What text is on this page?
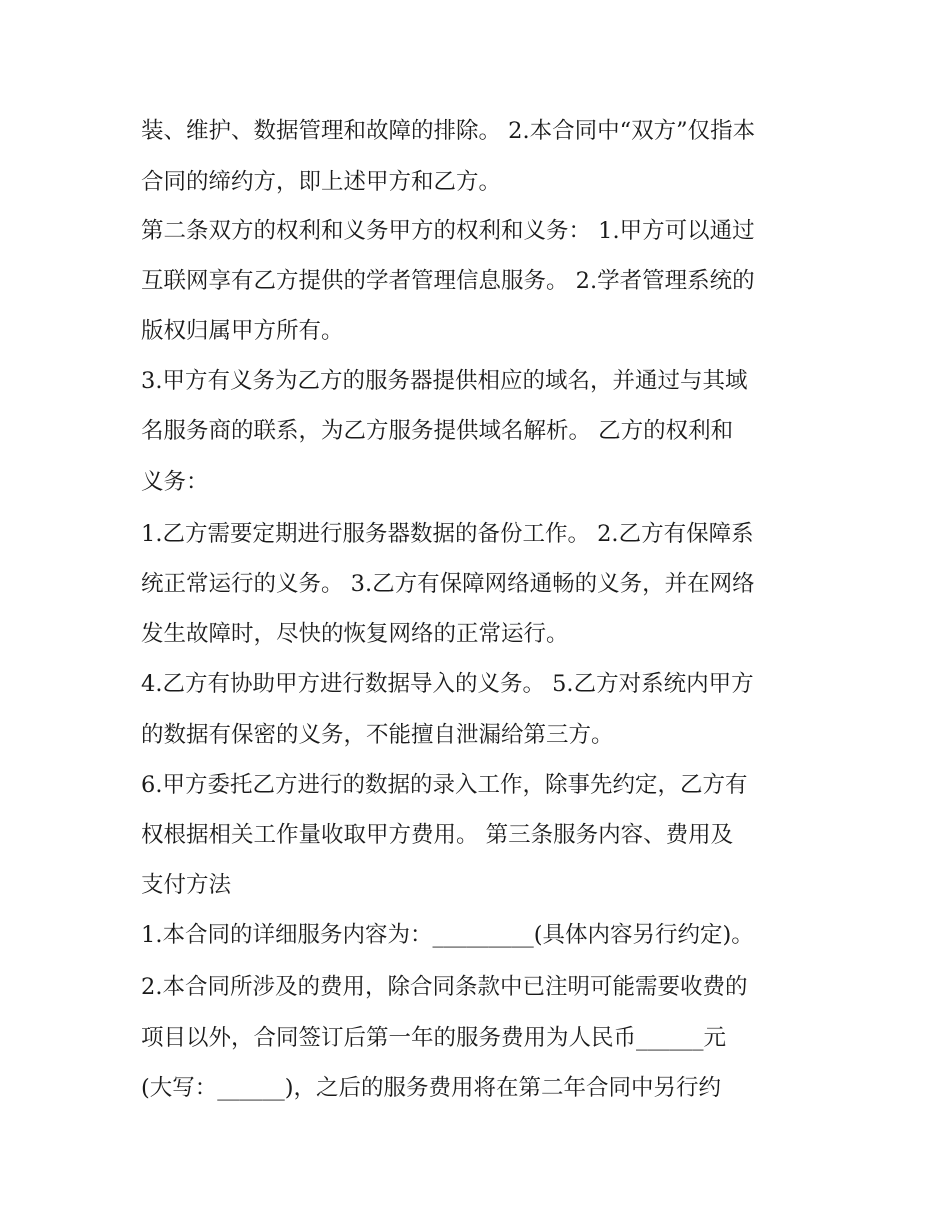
装、维护、数据管理和故障的排除。 2.本合同中“双方”仅指本
合同的缔约方，即上述甲方和乙方。
第二条双方的权利和义务甲方的权利和义务： 1.甲方可以通过
互联网享有乙方提供的学者管理信息服务。 2.学者管理系统的
版权归属甲方所有。
3.甲方有义务为乙方的服务器提供相应的域名，并通过与其域
名服务商的联系，为乙方服务提供域名解析。 乙方的权利和
义务：
1.乙方需要定期进行服务器数据的备份工作。 2.乙方有保障系
统正常运行的义务。 3.乙方有保障网络通畅的义务，并在网络
发生故障时，尽快的恢复网络的正常运行。
4.乙方有协助甲方进行数据导入的义务。 5.乙方对系统内甲方
的数据有保密的义务，不能擅自泄漏给第三方。
6.甲方委托乙方进行的数据的录入工作，除事先约定，乙方有
权根据相关工作量收取甲方费用。 第三条服务内容、费用及
支付方法
1.本合同的详细服务内容为：_________(具体内容另行约定)。
2.本合同所涉及的费用，除合同条款中已注明可能需要收费的
项目以外，合同签订后第一年的服务费用为人民币______元
(大写：______)，之后的服务费用将在第二年合同中另行约
